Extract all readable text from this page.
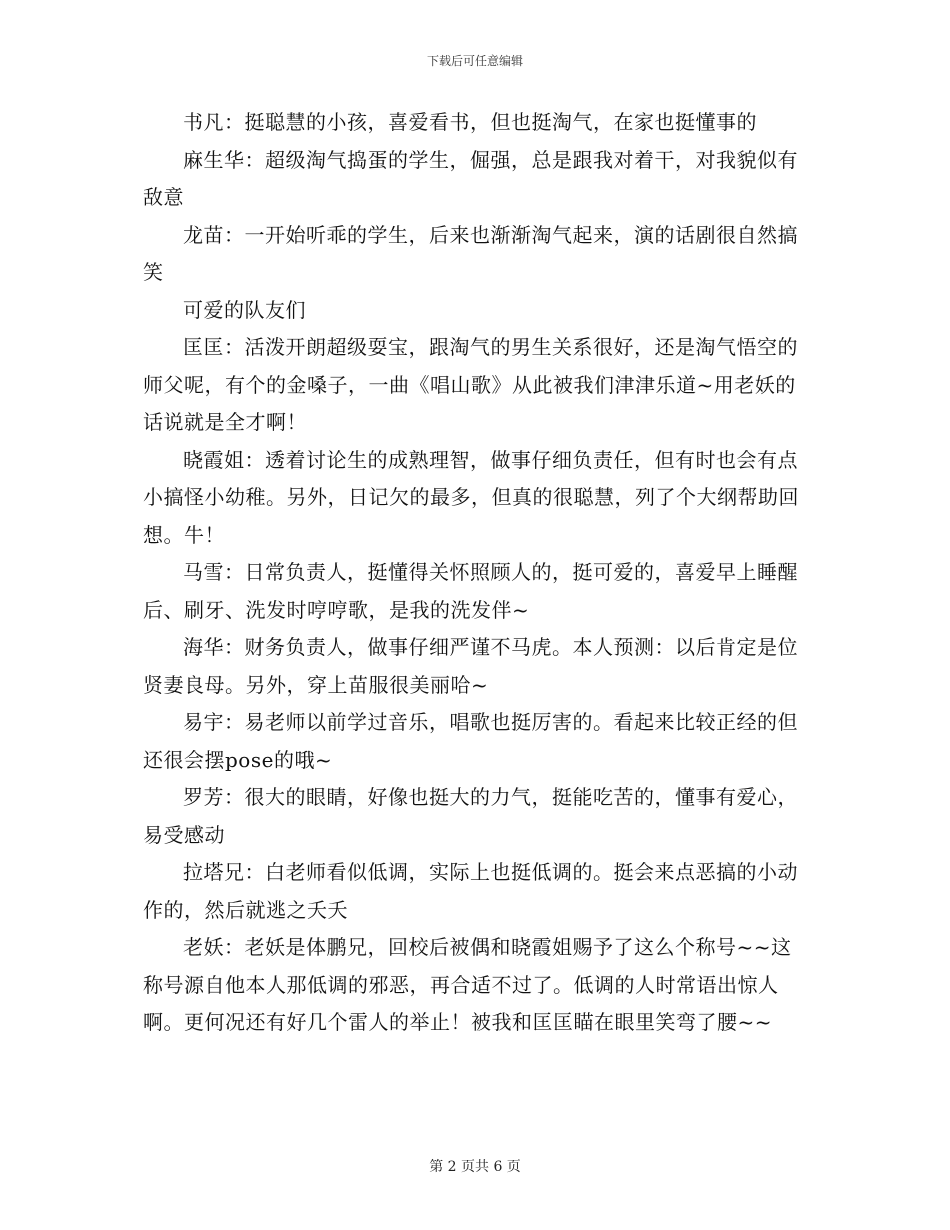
下载后可任意编辑

书凡：挺聪慧的小孩，喜爱看书，但也挺淘气，在家也挺懂事的

麻生华：超级淘气捣蛋的学生，倔强，总是跟我对着干，对我貌似有敌意

龙苗：一开始听乖的学生，后来也渐渐淘气起来，演的话剧很自然搞笑

可爱的队友们

匡匡：活泼开朗超级耍宝，跟淘气的男生关系很好，还是淘气悟空的师父呢，有个的金嗓子，一曲《唱山歌》从此被我们津津乐道~用老妖的话说就是全才啊！

晓霞姐：透着讨论生的成熟理智，做事仔细负责任，但有时也会有点小搞怪小幼稚。另外，日记欠的最多，但真的很聪慧，列了个大纲帮助回想。牛！

马雪：日常负责人，挺懂得关怀照顾人的，挺可爱的，喜爱早上睡醒后、刷牙、洗发时哼哼歌，是我的洗发伴~

海华：财务负责人，做事仔细严谨不马虎。本人预测：以后肯定是位贤妻良母。另外，穿上苗服很美丽哈~

易宇：易老师以前学过音乐，唱歌也挺厉害的。看起来比较正经的但还很会摆pose的哦~

罗芳：很大的眼睛，好像也挺大的力气，挺能吃苦的，懂事有爱心，易受感动

拉塔兄：白老师看似低调，实际上也挺低调的。挺会来点恶搞的小动作的，然后就逃之夭夭

老妖：老妖是体鹏兄，回校后被偶和晓霞姐赐予了这么个称号~~这称号源自他本人那低调的邪恶，再合适不过了。低调的人时常语出惊人啊。更何况还有好几个雷人的举止！被我和匡匡瞄在眼里笑弯了腰~~

第 2 页共 6 页
